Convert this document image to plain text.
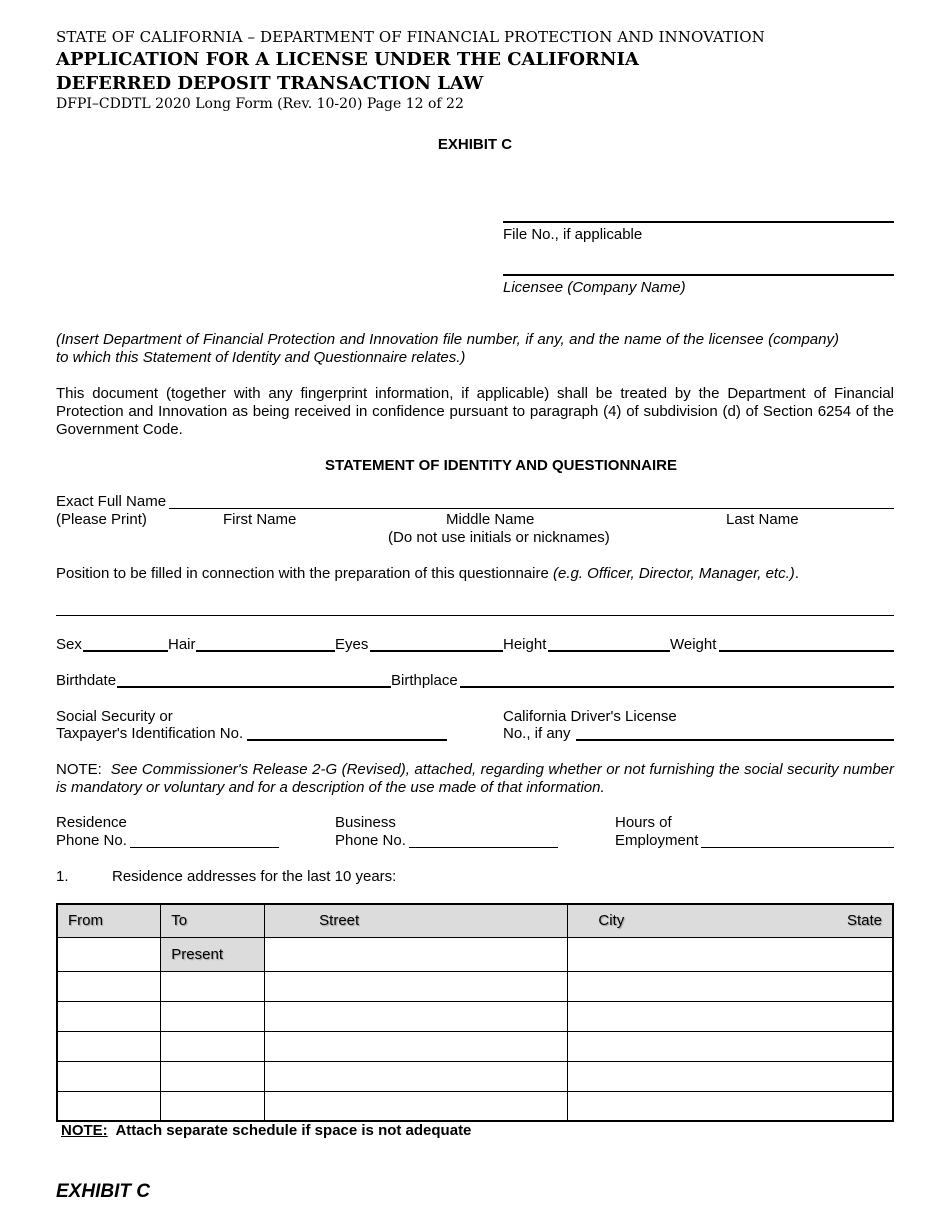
STATE OF CALIFORNIA – DEPARTMENT OF FINANCIAL PROTECTION AND INNOVATION
APPLICATION FOR A LICENSE UNDER THE CALIFORNIA
DEFERRED DEPOSIT TRANSACTION LAW
DFPI–CDDTL 2020 Long Form (Rev. 10-20) Page 12 of 22
EXHIBIT C
File No., if applicable
Licensee (Company Name)
(Insert Department of Financial Protection and Innovation file number, if any, and the name of the licensee (company) to which this Statement of Identity and Questionnaire relates.)
This document (together with any fingerprint information, if applicable) shall be treated by the Department of Financial Protection and Innovation as being received in confidence pursuant to paragraph (4) of subdivision (d) of Section 6254 of the Government Code.
STATEMENT OF IDENTITY AND QUESTIONNAIRE
Exact Full Name
(Please Print)	First Name	Middle Name	Last Name
(Do not use initials or nicknames)
Position to be filled in connection with the preparation of this questionnaire (e.g. Officer, Director, Manager, etc.).
Sex	Hair	Eyes	Height	Weight
Birthdate	Birthplace
Social Security or
Taxpayer's Identification No.
California Driver's License
No., if any
NOTE: See Commissioner's Release 2-G (Revised), attached, regarding whether or not furnishing the social security number is mandatory or voluntary and for a description of the use made of that information.
Residence
Phone No.
Business
Phone No.
Hours of
Employment
1.	Residence addresses for the last 10 years:
From	To	Street	City State

	Present		

NOTE: Attach separate schedule if space is not adequate
EXHIBIT C
